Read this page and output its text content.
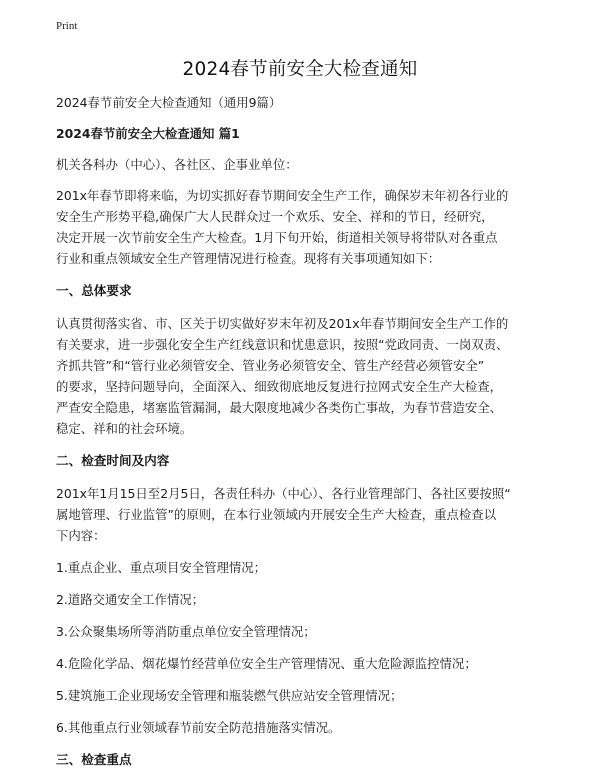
Print
2024春节前安全大检查通知

2024春节前安全大检查通知（通用9篇）

2024春节前安全大检查通知 篇1

机关各科办（中心）、各社区、企事业单位：

201x年春节即将来临，为切实抓好春节期间安全生产工作，确保岁末年初各行业的

安全生产形势平稳,确保广大人民群众过一个欢乐、安全、祥和的节日，经研究，

决定开展一次节前安全生产大检查。1月下旬开始，街道相关领导将带队对各重点

行业和重点领域安全生产管理情况进行检查。现将有关事项通知如下：

一、总体要求

认真贯彻落实省、市、区关于切实做好岁末年初及201x年春节期间安全生产工作的

有关要求，进一步强化安全生产红线意识和忧患意识，按照“党政同责、一岗双责、

齐抓共管”和“管行业必须管安全、管业务必须管安全、管生产经营必须管安全”

的要求，坚持问题导向，全面深入、细致彻底地反复进行拉网式安全生产大检查，

严查安全隐患，堵塞监管漏洞，最大限度地减少各类伤亡事故，为春节营造安全、

稳定、祥和的社会环境。

二、检查时间及内容

201x年1月15日至2月5日，各责任科办（中心）、各行业管理部门、各社区要按照“

属地管理、行业监管”的原则，在本行业领域内开展安全生产大检查，重点检查以

下内容：

1.重点企业、重点项目安全管理情况；

2.道路交通安全工作情况；

3.公众聚集场所等消防重点单位安全管理情况；

4.危险化学品、烟花爆竹经营单位安全生产管理情况、重大危险源监控情况；

5.建筑施工企业现场安全管理和瓶装燃气供应站安全管理情况；

6.其他重点行业领域春节前安全防范措施落实情况。

三、检查重点
